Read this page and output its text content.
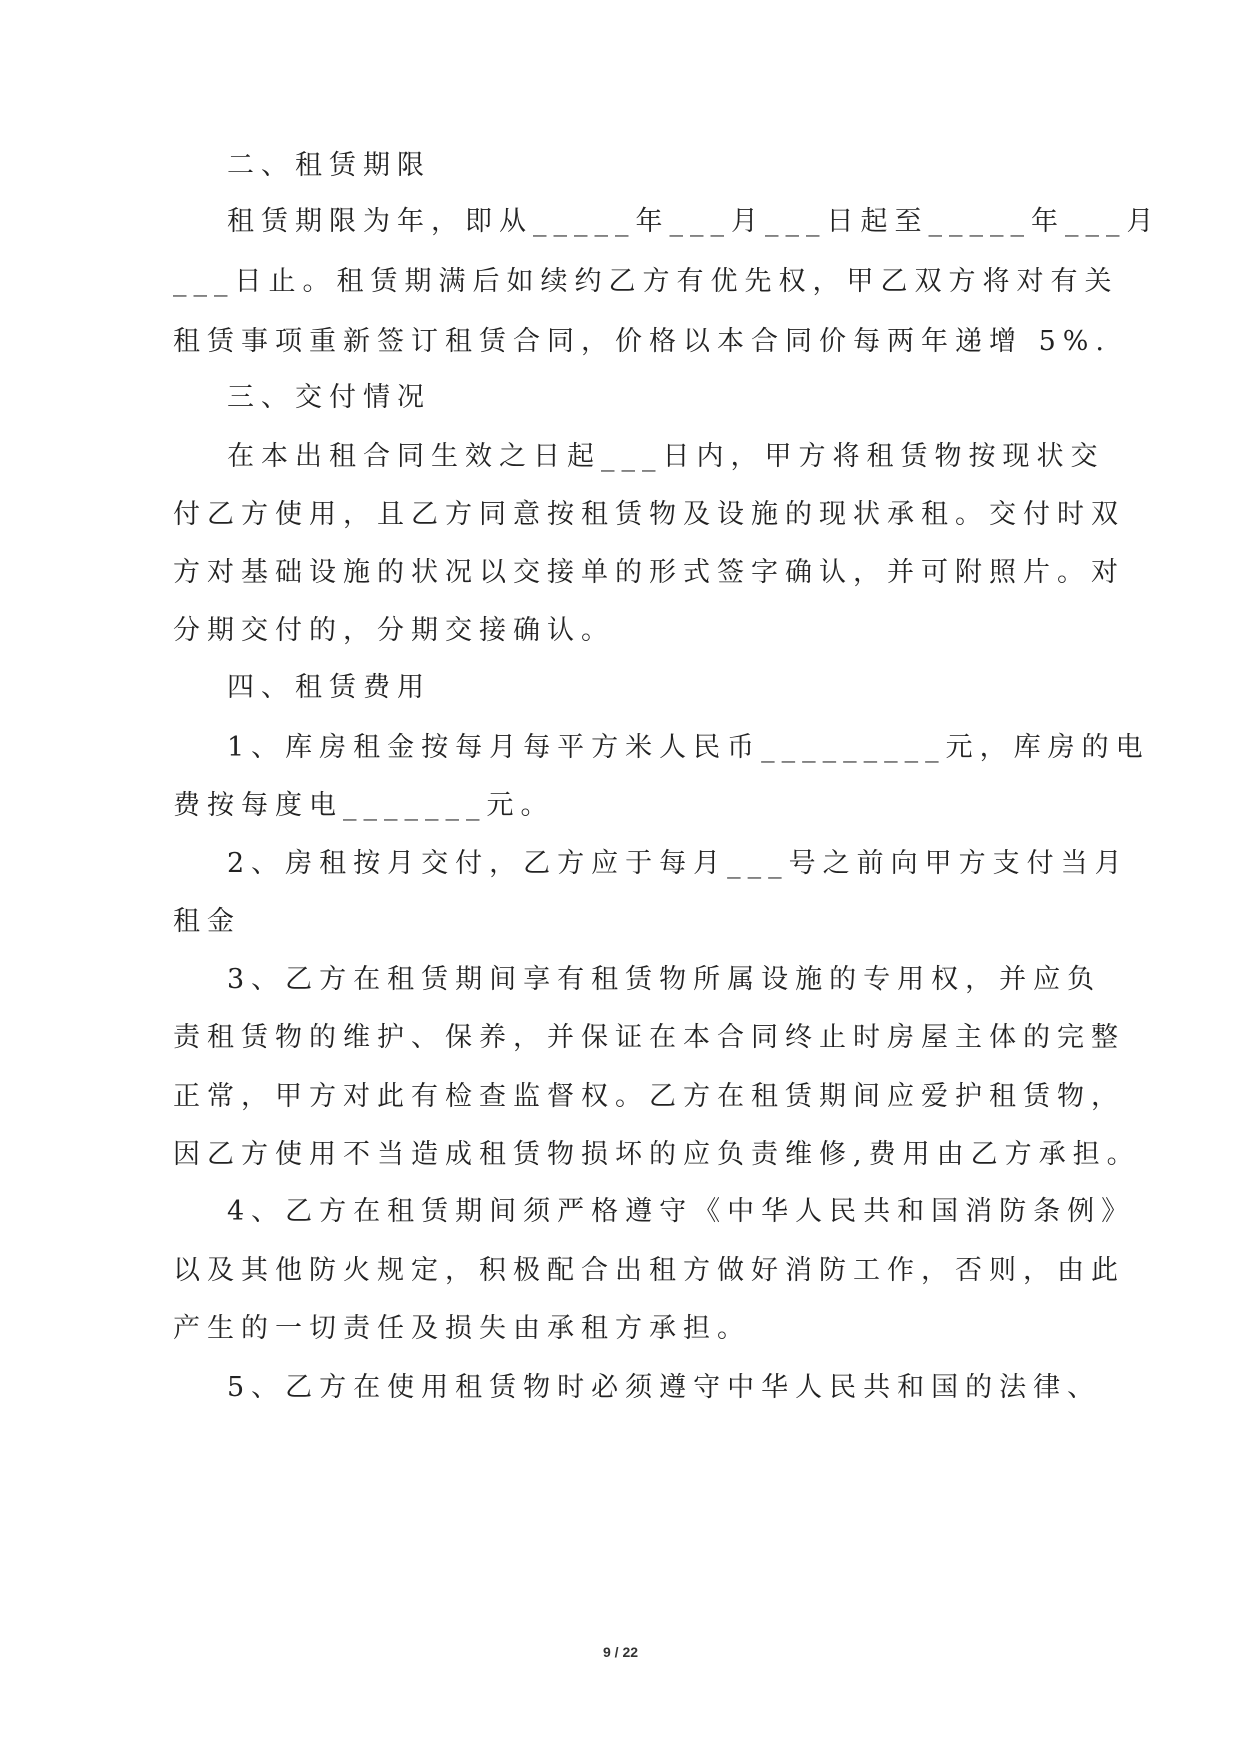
二、租赁期限
租赁期限为年，即从_____年___月___日起至_____年___月
___日止。租赁期满后如续约乙方有优先权，甲乙双方将对有关
租赁事项重新签订租赁合同，价格以本合同价每两年递增 5%.
三、交付情况
在本出租合同生效之日起___日内，甲方将租赁物按现状交
付乙方使用，且乙方同意按租赁物及设施的现状承租。交付时双
方对基础设施的状况以交接单的形式签字确认，并可附照片。对
分期交付的，分期交接确认。
四、租赁费用
1、库房租金按每月每平方米人民币_________元，库房的电
费按每度电_______元。
2、房租按月交付，乙方应于每月___号之前向甲方支付当月
租金
3、乙方在租赁期间享有租赁物所属设施的专用权，并应负
责租赁物的维护、保养，并保证在本合同终止时房屋主体的完整
正常，甲方对此有检查监督权。乙方在租赁期间应爱护租赁物，
因乙方使用不当造成租赁物损坏的应负责维修,费用由乙方承担。
4、乙方在租赁期间须严格遵守《中华人民共和国消防条例》
以及其他防火规定，积极配合出租方做好消防工作，否则，由此
产生的一切责任及损失由承租方承担。
5、乙方在使用租赁物时必须遵守中华人民共和国的法律、
9 / 22
